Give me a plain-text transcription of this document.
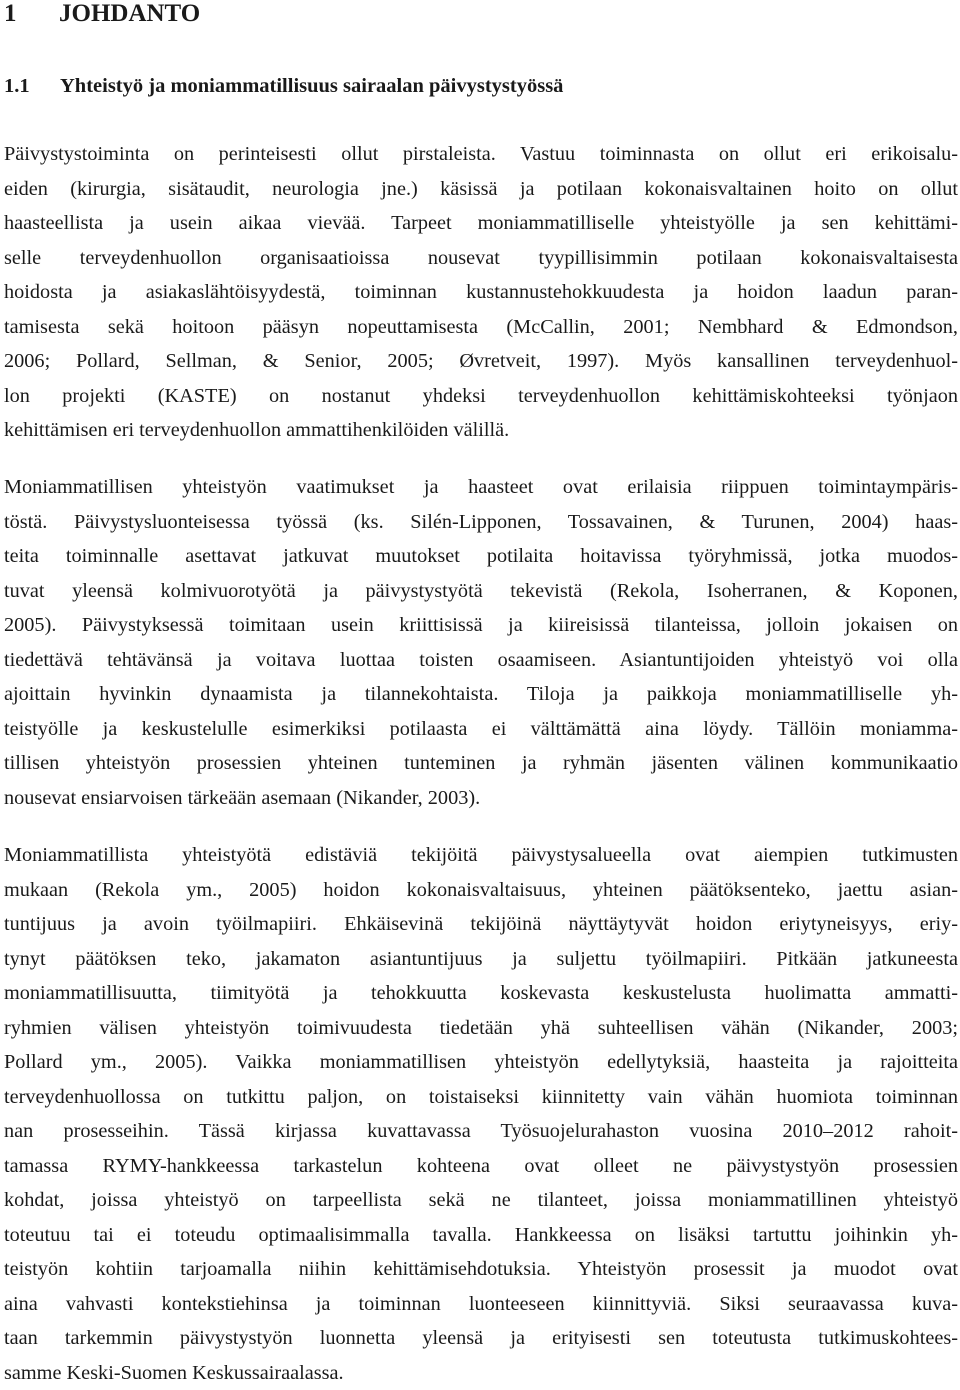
1 JOHDANTO
1.1 Yhteistyö ja moniammatillisuus sairaalan päivystystyössä
Päivystystoiminta on perinteisesti ollut pirstaleista. Vastuu toiminnasta on ollut eri erikoisalu-
eiden (kirurgia, sisätaudit, neurologia jne.) käsissä ja potilaan kokonaisvaltainen hoito on ollut
haasteellista ja usein aikaa vievää. Tarpeet moniammatilliselle yhteistyölle ja sen kehittämi-
selle terveydenhuollon organisaatioissa nousevat tyypillisimmin potilaan kokonaisvaltaisesta
hoidosta ja asiakaslähtöisyydestä, toiminnan kustannustehokkuudesta ja hoidon laadun paran-
tamisesta sekä hoitoon pääsyn nopeuttamisesta (McCallin, 2001; Nembhard & Edmondson,
2006; Pollard, Sellman, & Senior, 2005; Øvretveit, 1997). Myös kansallinen terveydenhuol-
lon projekti (KASTE) on nostanut yhdeksi terveydenhuollon kehittämiskohteeksi työnjaon
kehittämisen eri terveydenhuollon ammattihenkilöiden välillä.
Moniammatillisen yhteistyön vaatimukset ja haasteet ovat erilaisia riippuen toimintaympäris-
töstä. Päivystysluonteisessa työssä (ks. Silén-Lipponen, Tossavainen, & Turunen, 2004) haas-
teita toiminnalle asettavat jatkuvat muutokset potilaita hoitavissa työryhmissä, jotka muodos-
tuvat yleensä kolmivuorotyötä ja päivystystyötä tekevistä (Rekola, Isoherranen, & Koponen,
2005). Päivystyksessä toimitaan usein kriittisissä ja kiireisissä tilanteissa, jolloin jokaisen on
tiedettävä tehtävänsä ja voitava luottaa toisten osaamiseen. Asiantuntijoiden yhteistyö voi olla
ajoittain hyvinkin dynaamista ja tilannekohtaista. Tiloja ja paikkoja moniammatilliselle yh-
teistyölle ja keskustelulle esimerkiksi potilaasta ei välttämättä aina löydy. Tällöin moniamma-
tillisen yhteistyön prosessien yhteinen tunteminen ja ryhmän jäsenten välinen kommunikaatio
nousevat ensiarvoisen tärkeään asemaan (Nikander, 2003).
Moniammatillista yhteistyötä edistäviä tekijöitä päivystysalueella ovat aiempien tutkimusten
mukaan (Rekola ym., 2005) hoidon kokonaisvaltaisuus, yhteinen päätöksenteko, jaettu asian-
tuntijuus ja avoin työilmapiiri. Ehkäisevinä tekijöinä näyttäytyvät hoidon eriytyneisyys, eriy-
tynyt päätöksen teko, jakamaton asiantuntijuus ja suljettu työilmapiiri. Pitkään jatkuneesta
moniammatillisuutta, tiimityötä ja tehokkuutta koskevasta keskustelusta huolimatta ammatti-
ryhmien välisen yhteistyön toimivuudesta tiedetään yhä suhteellisen vähän (Nikander, 2003;
Pollard ym., 2005). Vaikka moniammatillisen yhteistyön edellytyksiä, haasteita ja rajoitteita
terveydenhuollossa on tutkittu paljon, on toistaiseksi kiinnitetty vain vähän huomiota toiminnan
nan prosesseihin. Tässä kirjassa kuvattavassa Työsuojelurahaston vuosina 2010–2012 rahoit-
tamassa RYMY-hankkeessa tarkastelun kohteena ovat olleet ne päivystystyön prosessien
kohdat, joissa yhteistyö on tarpeellista sekä ne tilanteet, joissa moniammatillinen yhteistyö
toteutuu tai ei toteudu optimaalisimmalla tavalla. Hankkeessa on lisäksi tartuttu joihinkin yh-
teistyön kohtiin tarjoamalla niihin kehittämisehdotuksia. Yhteistyön prosessit ja muodot ovat
aina vahvasti kontekstiehinsa ja toiminnan luonteeseen kiinnittyviä. Siksi seuraavassa kuva-
taan tarkemmin päivystystyön luonnetta yleensä ja erityisesti sen toteutusta tutkimuskohtees-
samme Keski-Suomen Keskussairaalassa.
